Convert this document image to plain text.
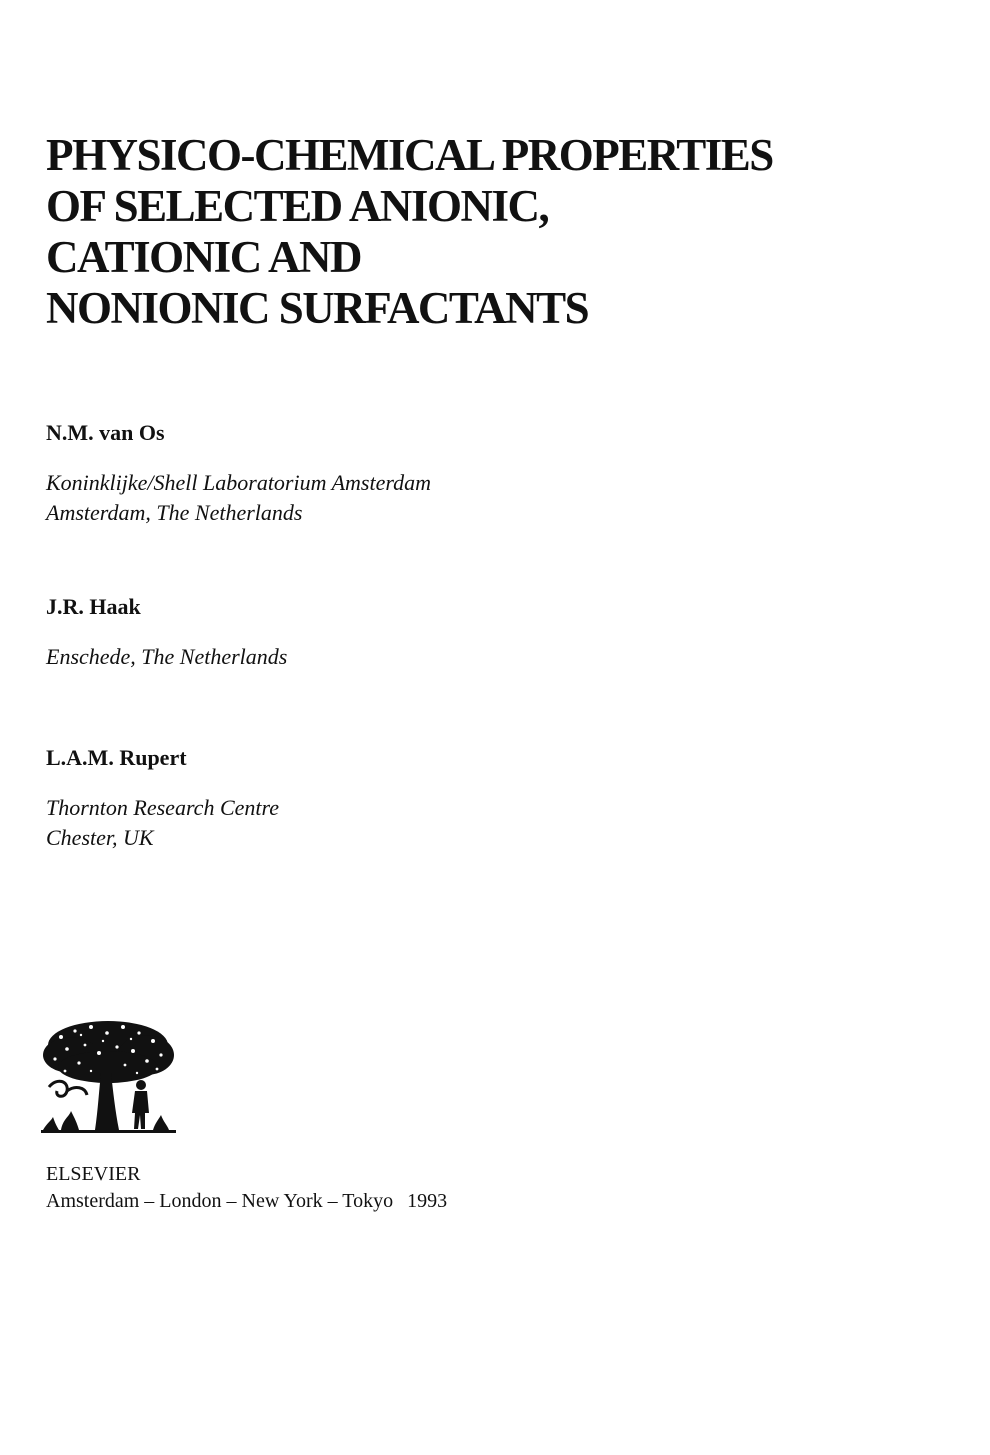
PHYSICO-CHEMICAL PROPERTIES
OF SELECTED ANIONIC,
CATIONIC AND
NONIONIC SURFACTANTS
N.M. van Os
Koninklijke/Shell Laboratorium Amsterdam
Amsterdam, The Netherlands
J.R. Haak
Enschede, The Netherlands
L.A.M. Rupert
Thornton Research Centre
Chester, UK
ELSEVIER
Amsterdam – London – New York – Tokyo 1993
